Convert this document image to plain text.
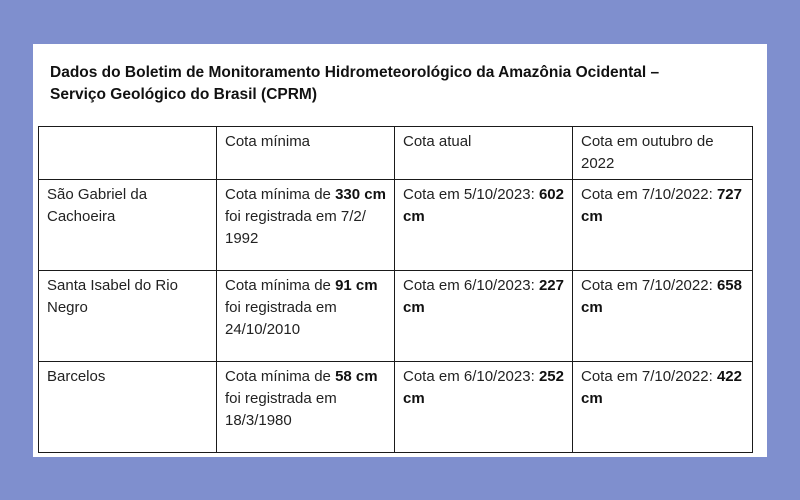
Dados do Boletim de Monitoramento Hidrometeorológico da Amazônia Ocidental –
Serviço Geológico do Brasil (CPRM)
	Cota mínima	Cota atual	Cota em outubro de 2022
São Gabriel da Cachoeira	Cota mínima de 330 cm foi registrada em 7/2/ 1992	Cota em 5/10/2023: 602 cm	Cota em 7/10/2022: 727 cm
Santa Isabel do Rio Negro	Cota mínima de 91 cm foi registrada em 24/10/2010	Cota em 6/10/2023: 227 cm	Cota em 7/10/2022: 658 cm
Barcelos	Cota mínima de 58 cm foi registrada em 18/3/1980	Cota em 6/10/2023: 252 cm	Cota em 7/10/2022: 422 cm
